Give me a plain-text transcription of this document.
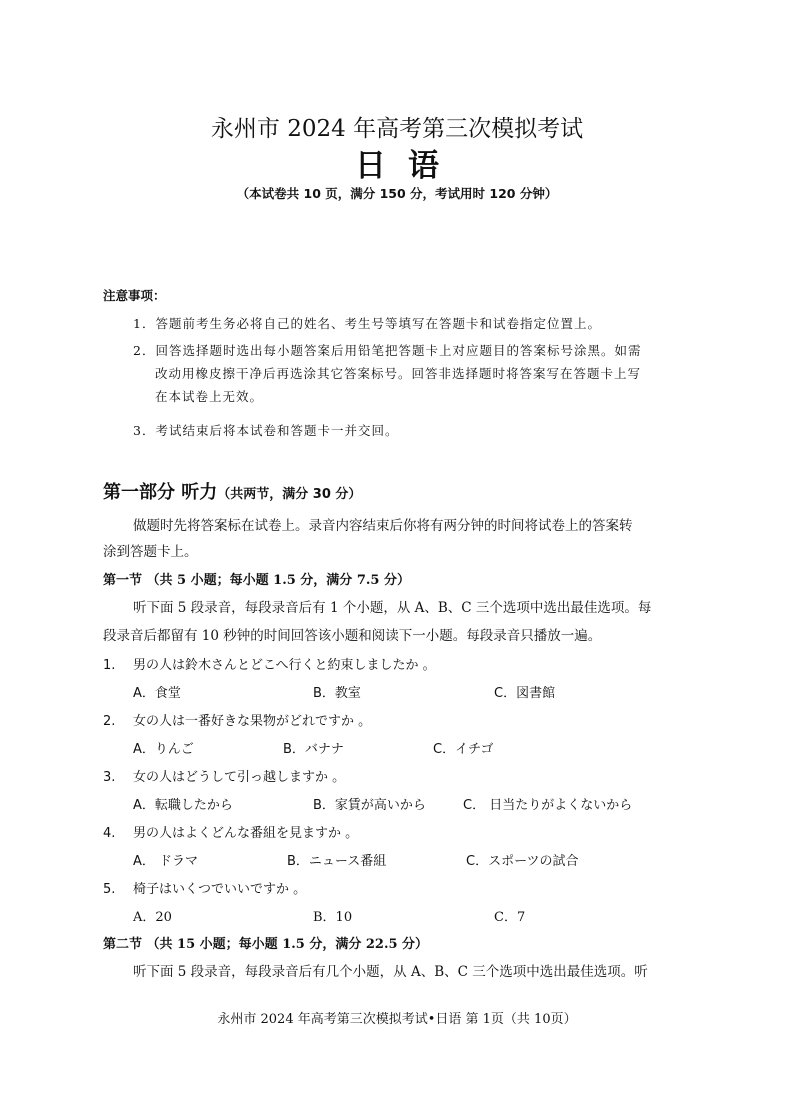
永州市 2024 年高考第三次模拟考试
日语
（本试卷共 10 页，满分 150 分，考试用时 120 分钟）
注意事项：
1．答题前考生务必将自己的姓名、考生号等填写在答题卡和试卷指定位置上。
2．回答选择题时选出每小题答案后用铅笔把答题卡上对应题目的答案标号涂黑。如需
改动用橡皮擦干净后再选涂其它答案标号。回答非选择题时将答案写在答题卡上写
在本试卷上无效。
3．考试结束后将本试卷和答题卡一并交回。
第一部分 听力（共两节，满分 30 分）
做题时先将答案标在试卷上。录音内容结束后你将有两分钟的时间将试卷上的答案转
涂到答题卡上。
第一节 （共 5 小题；每小题 1.5 分，满分 7.5 分）
听下面 5 段录音，每段录音后有 1 个小题，从 A、B、C 三个选项中选出最佳选项。每
段录音后都留有 10 秒钟的时间回答该小题和阅读下一小题。每段录音只播放一遍。
1. 男の人は鈴木さんとどこへ行くと約束しましたか 。
A．食堂	B．教室	C．図書館
2. 女の人は一番好きな果物がどれですか 。
A．りんご	B．バナナ	C．イチゴ
3. 女の人はどうして引っ越しますか 。
A．転職したから	B．家賃が高いから	C． 日当たりがよくないから
4. 男の人はよくどんな番組を見ますか 。
A． ドラマ	B．ニュース番組	C．スポーツの試合
5. 椅子はいくつでいいですか 。
A．20	B．10	C．7
第二节 （共 15 小题；每小题 1.5 分，满分 22.5 分）
听下面 5 段录音，每段录音后有几个小题，从 A、B、C 三个选项中选出最佳选项。听
永州市 2024 年高考第三次模拟考试•日语 第 1页（共 10页）
